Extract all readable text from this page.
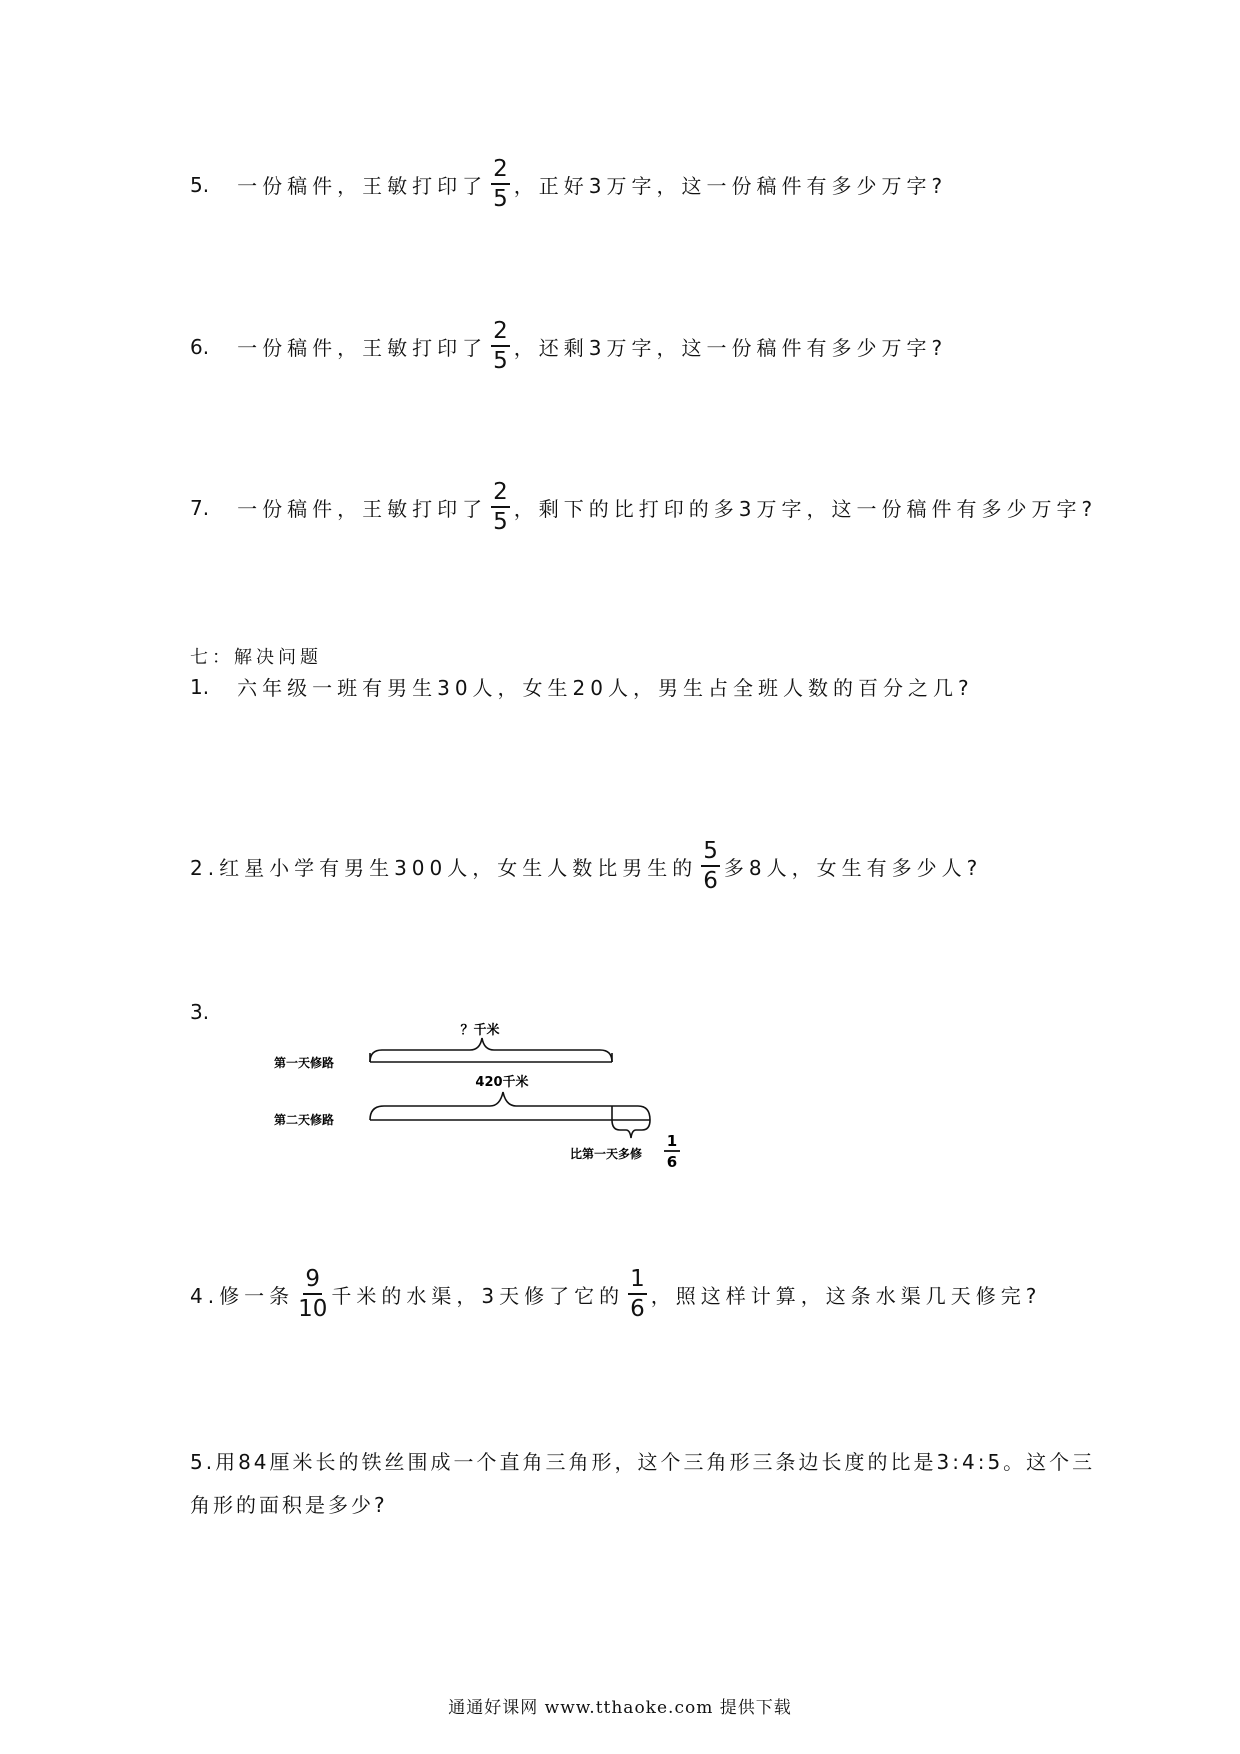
5. 一份稿件，王敏打印了 $\frac{2}{5}$ ，正好3万字，这一份稿件有多少万字?
6. 一份稿件，王敏打印了 $\frac{2}{5}$ ，还剩3万字，这一份稿件有多少万字?
7. 一份稿件，王敏打印了 $\frac{2}{5}$ ，剩下的比打印的多3万字，这一份稿件有多少万字?
七：解决问题
1. 六年级一班有男生30人，女生20人，男生占全班人数的百分之几?
2.红星小学有男生300人，女生人数比男生的 $\frac{5}{6}$ 多8人，女生有多少人?
3.
？千米
第一天修路
420千米
第二天修路
比第一天多修
1
6
4.修一条 $\frac{9}{10}$ 千米的水渠，3天修了它的 $\frac{1}{6}$ ，照这样计算，这条水渠几天修完?
5.用84厘米长的铁丝围成一个直角三角形，这个三角形三条边长度的比是3:4:5。这个三
角形的面积是多少?
通通好课网 www.tthaoke.com 提供下载
